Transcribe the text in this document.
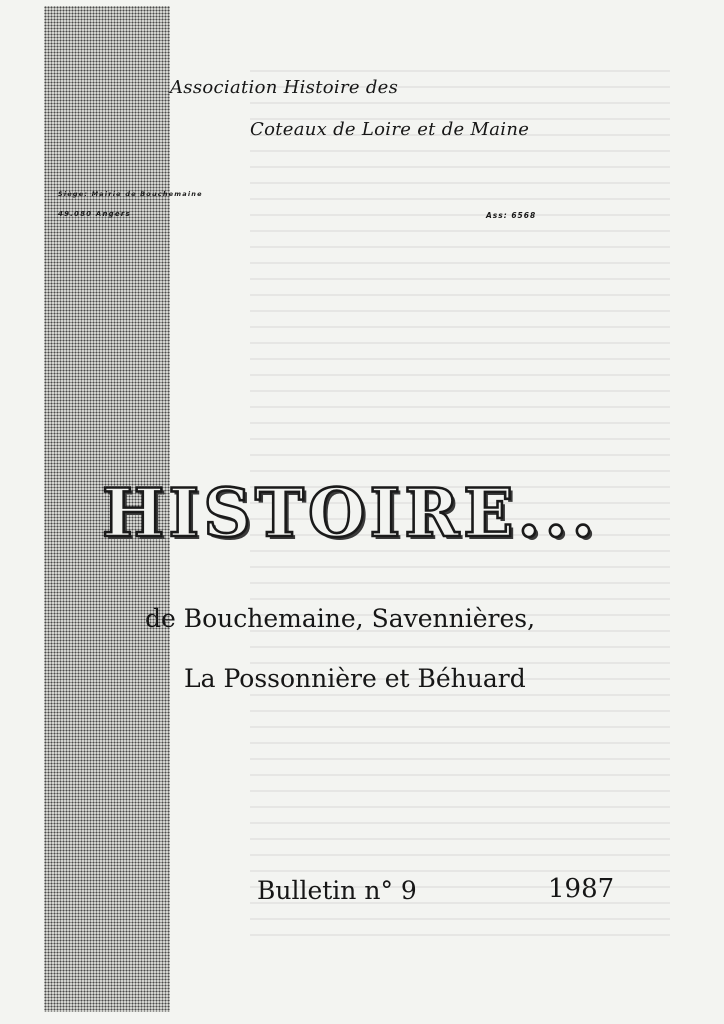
Association Histoire des
Coteaux de Loire et de Maine
Siège: Mairie de Bouchemaine
49.080 Angers	Ass: 6568
HISTOIRE...
de Bouchemaine, Savennières,
La Possonnière et Béhuard
Bulletin n° 9	1987
